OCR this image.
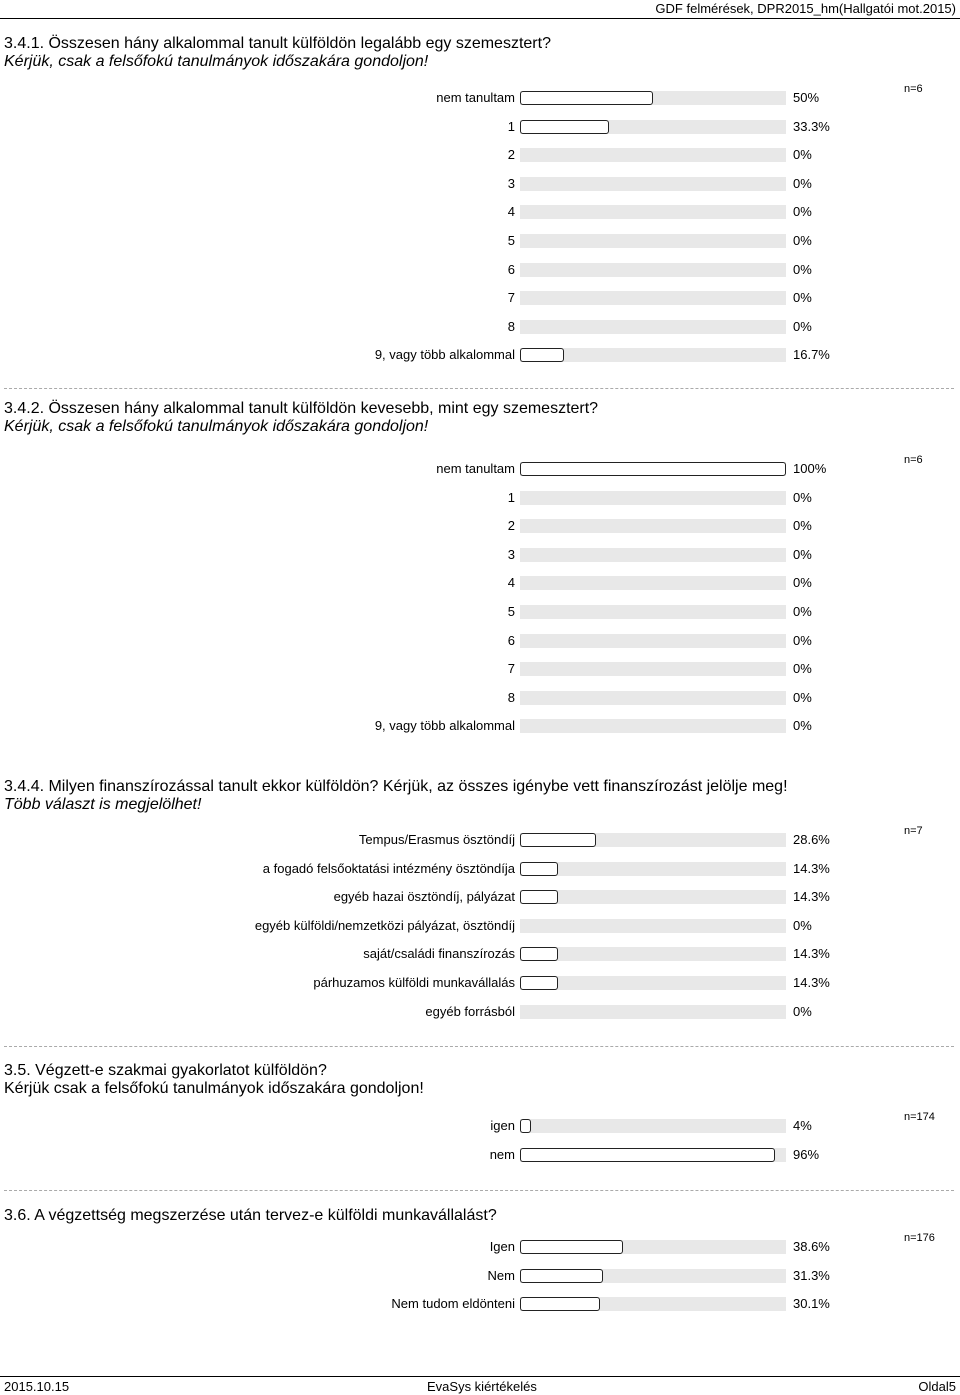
GDF felmérések, DPR2015_hm(Hallgatói mot.2015)
3.4.1. Összesen hány alkalommal tanult külföldön legalább egy szemesztert?
Kérjük, csak a felsőfokú tanulmányok időszakára gondoljon!
n=6
nem tanultam	50%
1	33.3%
2	0%
3	0%
4	0%
5	0%
6	0%
7	0%
8	0%
9, vagy több alkalommal	16.7%
3.4.2. Összesen hány alkalommal tanult külföldön kevesebb, mint egy szemesztert?
Kérjük, csak a felsőfokú tanulmányok időszakára gondoljon!
n=6
nem tanultam	100%
1	0%
2	0%
3	0%
4	0%
5	0%
6	0%
7	0%
8	0%
9, vagy több alkalommal	0%
3.4.4. Milyen finanszírozással tanult ekkor külföldön? Kérjük, az összes igénybe vett finanszírozást jelölje meg!
Több választ is megjelölhet!
n=7
Tempus/Erasmus ösztöndíj	28.6%
a fogadó felsőoktatási intézmény ösztöndíja	14.3%
egyéb hazai ösztöndíj, pályázat	14.3%
egyéb külföldi/nemzetközi pályázat, ösztöndíj	0%
saját/családi finanszírozás	14.3%
párhuzamos külföldi munkavállalás	14.3%
egyéb forrásból	0%
3.5. Végzett-e szakmai gyakorlatot külföldön?
Kérjük csak a felsőfokú tanulmányok időszakára gondoljon!
n=174
igen	4%
nem	96%
3.6. A végzettség megszerzése után tervez-e külföldi munkavállalást?
n=176
Igen	38.6%
Nem	31.3%
Nem tudom eldönteni	30.1%
2015.10.15	EvaSys kiértékelés	Oldal5
